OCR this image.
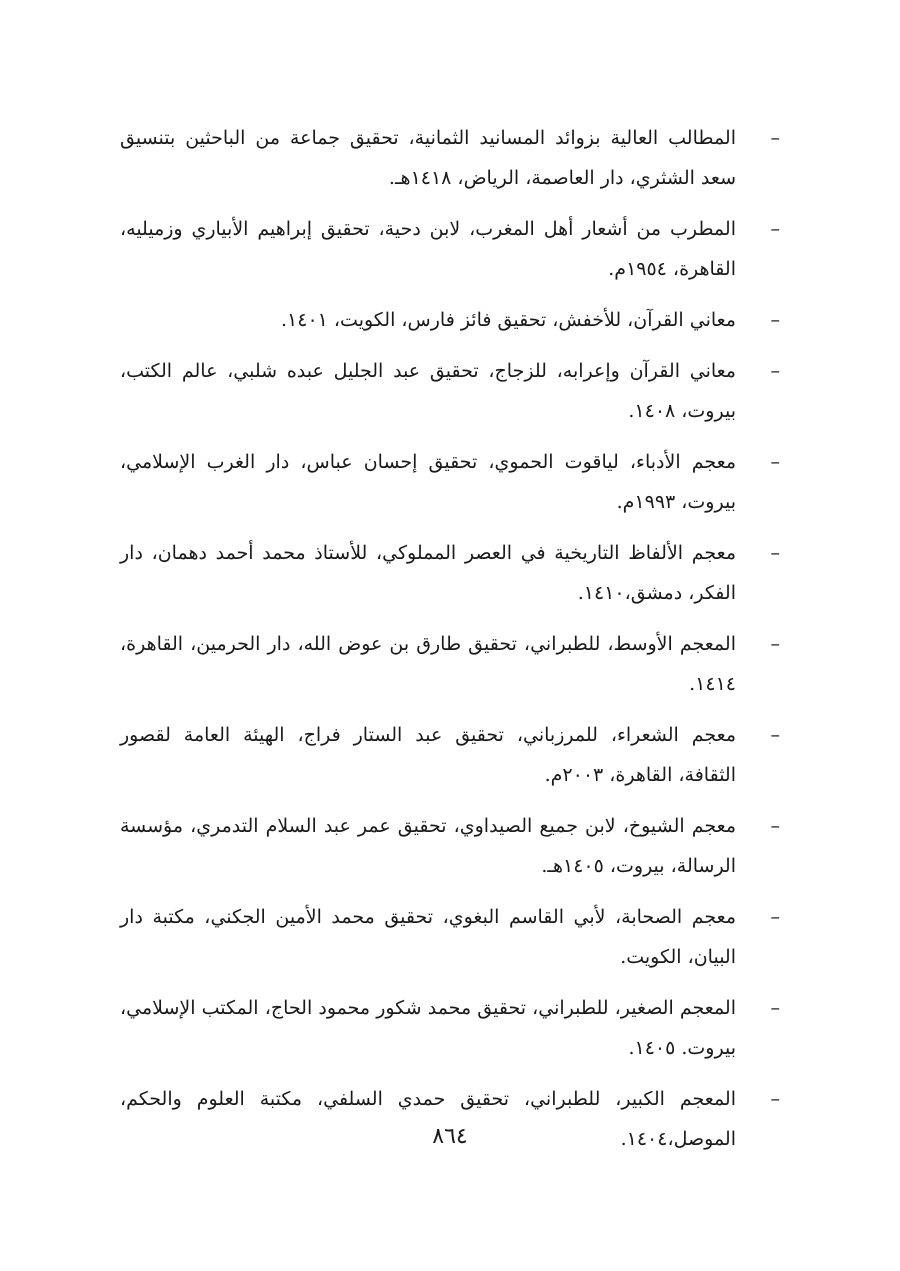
–
المطالب العالية بزوائد المسانيد الثمانية، تحقيق جماعة من الباحثين بتنسيق سعد الشثري، دار العاصمة، الرياض، ١٤١٨هـ.
–
المطرب من أشعار أهل المغرب، لابن دحية، تحقيق إبراهيم الأبياري وزميليه، القاهرة، ١٩٥٤م.
–
معاني القرآن، للأخفش، تحقيق فائز فارس، الكويت، ١٤٠١.
–
معاني القرآن وإعرابه، للزجاج، تحقيق عبد الجليل عبده شلبي، عالم الكتب، بيروت، ١٤٠٨.
–
معجم الأدباء، لياقوت الحموي، تحقيق إحسان عباس، دار الغرب الإسلامي، بيروت، ١٩٩٣م.
–
معجم الألفاظ التاريخية في العصر المملوكي، للأستاذ محمد أحمد دهمان، دار الفكر، دمشق،١٤١٠.
–
المعجم الأوسط، للطبراني، تحقيق طارق بن عوض الله، دار الحرمين، القاهرة، ١٤١٤.
–
معجم الشعراء، للمرزباني، تحقيق عبد الستار فراج، الهيئة العامة لقصور الثقافة، القاهرة، ٢٠٠٣م.
–
معجم الشيوخ، لابن جميع الصيداوي، تحقيق عمر عبد السلام التدمري، مؤسسة الرسالة، بيروت، ١٤٠٥هـ.
–
معجم الصحابة، لأبي القاسم البغوي، تحقيق محمد الأمين الجكني، مكتبة دار البيان، الكويت.
–
المعجم الصغير، للطبراني، تحقيق محمد شكور محمود الحاج، المكتب الإسلامي، بيروت. ١٤٠٥.
–
المعجم الكبير، للطبراني، تحقيق حمدي السلفي، مكتبة العلوم والحكم، الموصل،١٤٠٤.
٨٦٤
